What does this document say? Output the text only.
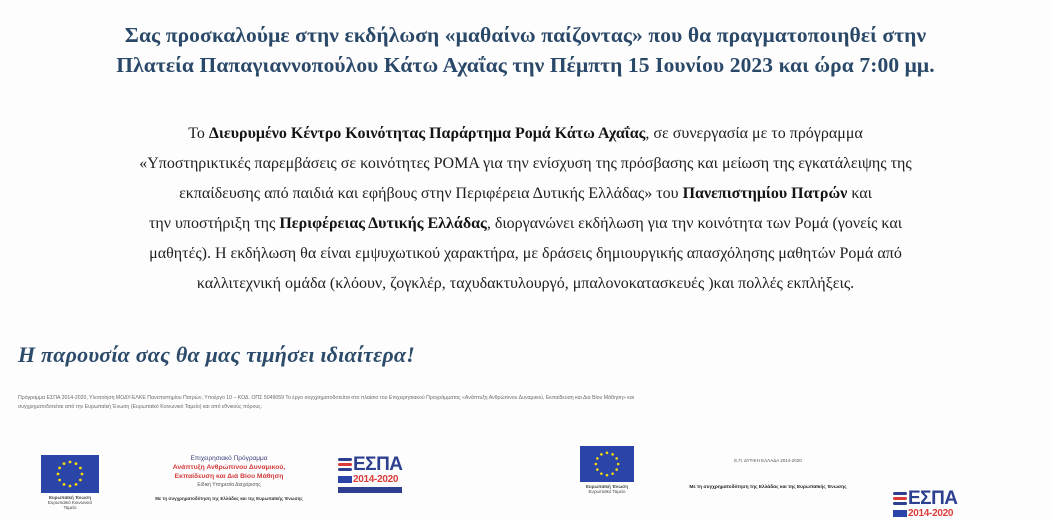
Σας προσκαλούμε στην εκδήλωση «μαθαίνω παίζοντας» που θα πραγματοποιηθεί στην
Πλατεία Παπαγιαννοπούλου Κάτω Αχαΐας την Πέμπτη 15 Ιουνίου 2023 και ώρα 7:00 μμ.
Το Διευρυμένο Κέντρο Κοινότητας Παράρτημα Ρομά Κάτω Αχαΐας, σε συνεργασία με το πρόγραμμα
«Υποστηρικτικές παρεμβάσεις σε κοινότητες ΡΟΜΑ για την ενίσχυση της πρόσβασης και μείωση της εγκατάλειψης της
εκπαίδευσης από παιδιά και εφήβους στην Περιφέρεια Δυτικής Ελλάδας» του Πανεπιστημίου Πατρών και
την υποστήριξη της Περιφέρειας Δυτικής Ελλάδας, διοργανώνει εκδήλωση για την κοινότητα των Ρομά (γονείς και
μαθητές). Η εκδήλωση θα είναι εμψυχωτικού χαρακτήρα, με δράσεις δημιουργικής απασχόλησης μαθητών Ρομά από
καλλιτεχνική ομάδα (κλόουν, ζογκλέρ, ταχυδακτυλουργό, μπαλονοκατασκευές )και πολλές εκπλήξεις.
Η παρουσία σας θα μας τιμήσει ιδιαίτερα!
Πρόγραμμα ΕΣΠΑ 2014-2020, Υλοποίηση ΜΟΔΥ-ΕΛΚΕ Πανεπιστημίου Πατρών, Υποέργο 10 – ΚΟΔ. ΟΠΣ 5049059 Το έργο συγχρηματοδοτείται στο πλαίσιο του Επιχειρησιακού Προγράμματος «Ανάπτυξη Ανθρώπινου Δυναμικού, Εκπαίδευση και Δια Βίου Μάθηση» και
συγχρηματοδοτείται από την Ευρωπαϊκή Ένωση (Ευρωπαϊκό Κοινωνικό Ταμείο) και από εθνικούς πόρους.
Ευρωπαϊκή Ένωση
Ευρωπαϊκό Κοινωνικό Ταμείο
Επιχειρησιακό Πρόγραμμα
Ανάπτυξη Ανθρώπινου Δυναμικού,
Εκπαίδευση και Διά Βίου Μάθηση
Ειδική Υπηρεσία Διαχείρισης
Με τη συγχρηματοδότηση της Ελλάδας και της Ευρωπαϊκής Ένωσης
ΕΣΠΑ
2014-2020
Ευρωπαϊκή Ένωση
Ευρωπαϊκό Ταμείο
Ε.Π. ΔΥΤΙΚΗ ΕΛΛΑΔΑ 2014-2020
Με τη συγχρηματοδότηση της Ελλάδας και της Ευρωπαϊκής Ένωσης
ΕΣΠΑ
2014-2020
